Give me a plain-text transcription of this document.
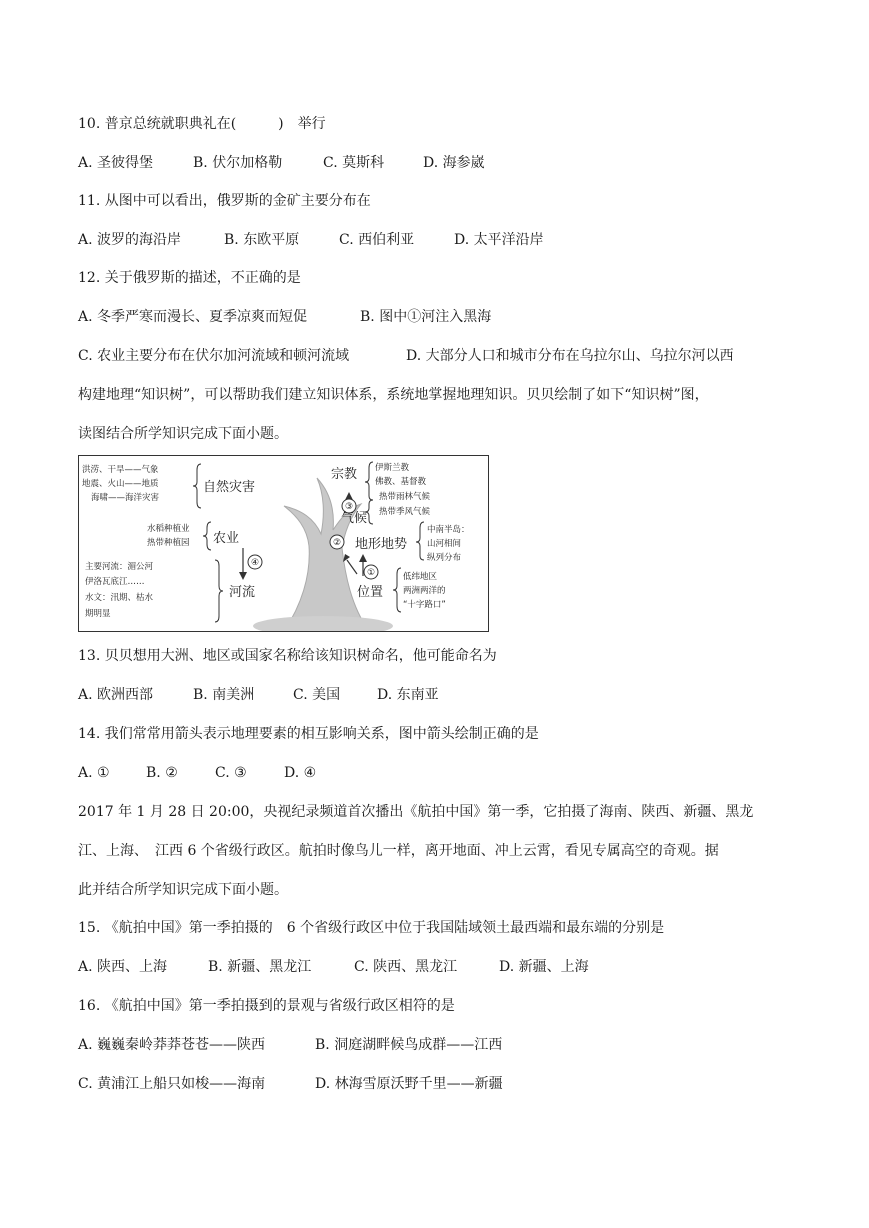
10. 普京总统就职典礼在(　　　)　举行
A. 圣彼得堡	B. 伏尔加格勒	C. 莫斯科	D. 海参崴
11. 从图中可以看出，俄罗斯的金矿主要分布在
A. 波罗的海沿岸	B. 东欧平原	C. 西伯利亚	D. 太平洋沿岸
12. 关于俄罗斯的描述，不正确的是
A. 冬季严寒而漫长、夏季凉爽而短促	B. 图中①河注入黑海
C. 农业主要分布在伏尔加河流域和顿河流域	D. 大部分人口和城市分布在乌拉尔山、乌拉尔河以西
构建地理“知识树”，可以帮助我们建立知识体系，系统地掌握地理知识。贝贝绘制了如下“知识树”图，
读图结合所学知识完成下面小题。
①
②
③
④
洪涝、干旱——气象
地震、火山——地质
海啸——海洋灾害
水稻种植业
热带种植园
主要河流：湄公河
伊洛瓦底江……
水文：汛期、枯水
期明显
自然灾害
农业
河流
宗教
气候
地形地势
位置
伊斯兰教
佛教、基督教
热带雨林气候
热带季风气候
中南半岛：
山河相间
纵列分布
低纬地区
两洲两洋的
“十字路口”
13. 贝贝想用大洲、地区或国家名称给该知识树命名，他可能命名为
A. 欧洲西部	B. 南美洲	C. 美国	D. 东南亚
14. 我们常常用箭头表示地理要素的相互影响关系，图中箭头绘制正确的是
A. ①	B. ②	C. ③	D. ④
2017 年 1 月 28 日 20:00，央视纪录频道首次播出《航拍中国》第一季，它拍摄了海南、陕西、新疆、黑龙
江、上海、　江西 6 个省级行政区。航拍时像鸟儿一样，离开地面、冲上云霄，看见专属高空的奇观。据
此并结合所学知识完成下面小题。
15. 《航拍中国》第一季拍摄的　6 个省级行政区中位于我国陆域领土最西端和最东端的分别是
A. 陕西、上海	B. 新疆、黑龙江	C. 陕西、黑龙江	D. 新疆、上海
16. 《航拍中国》第一季拍摄到的景观与省级行政区相符的是
A. 巍巍秦岭莽莽苍苍——陕西	B. 洞庭湖畔候鸟成群——江西
C. 黄浦江上船只如梭——海南	D. 林海雪原沃野千里——新疆
